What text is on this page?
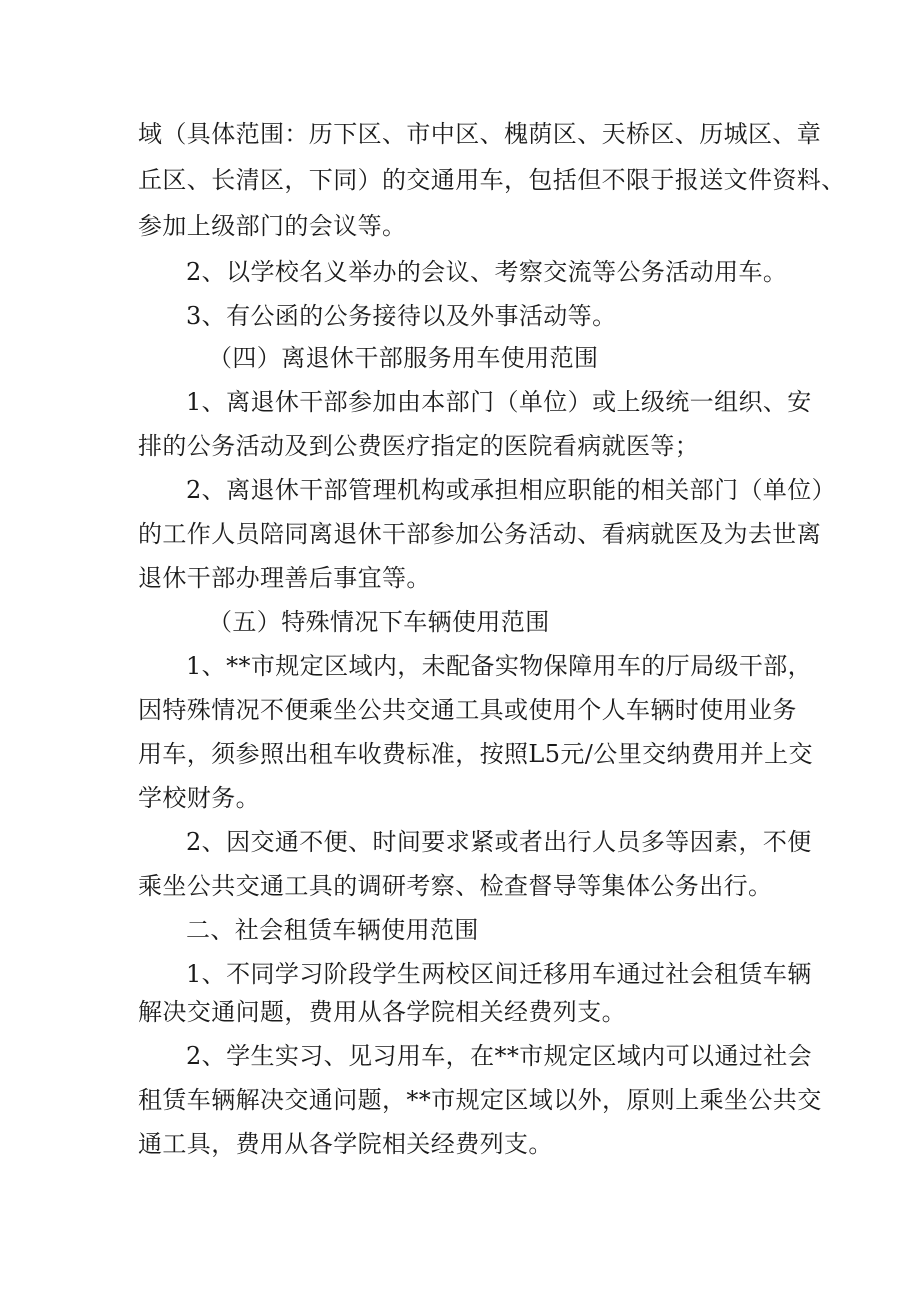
域（具体范围：历下区、市中区、槐荫区、天桥区、历城区、章
丘区、长清区，下同）的交通用车，包括但不限于报送文件资料、
参加上级部门的会议等。
2、以学校名义举办的会议、考察交流等公务活动用车。
3、有公函的公务接待以及外事活动等。
（四）离退休干部服务用车使用范围
1、离退休干部参加由本部门（单位）或上级统一组织、安
排的公务活动及到公费医疗指定的医院看病就医等；
2、离退休干部管理机构或承担相应职能的相关部门（单位）
的工作人员陪同离退休干部参加公务活动、看病就医及为去世离
退休干部办理善后事宜等。
（五）特殊情况下车辆使用范围
1、**市规定区域内，未配备实物保障用车的厅局级干部，
因特殊情况不便乘坐公共交通工具或使用个人车辆时使用业务
用车，须参照出租车收费标准，按照L5元/公里交纳费用并上交
学校财务。
2、因交通不便、时间要求紧或者出行人员多等因素，不便
乘坐公共交通工具的调研考察、检查督导等集体公务出行。
二、社会租赁车辆使用范围
1、不同学习阶段学生两校区间迁移用车通过社会租赁车辆
解决交通问题，费用从各学院相关经费列支。
2、学生实习、见习用车，在**市规定区域内可以通过社会
租赁车辆解决交通问题，**市规定区域以外，原则上乘坐公共交
通工具，费用从各学院相关经费列支。
